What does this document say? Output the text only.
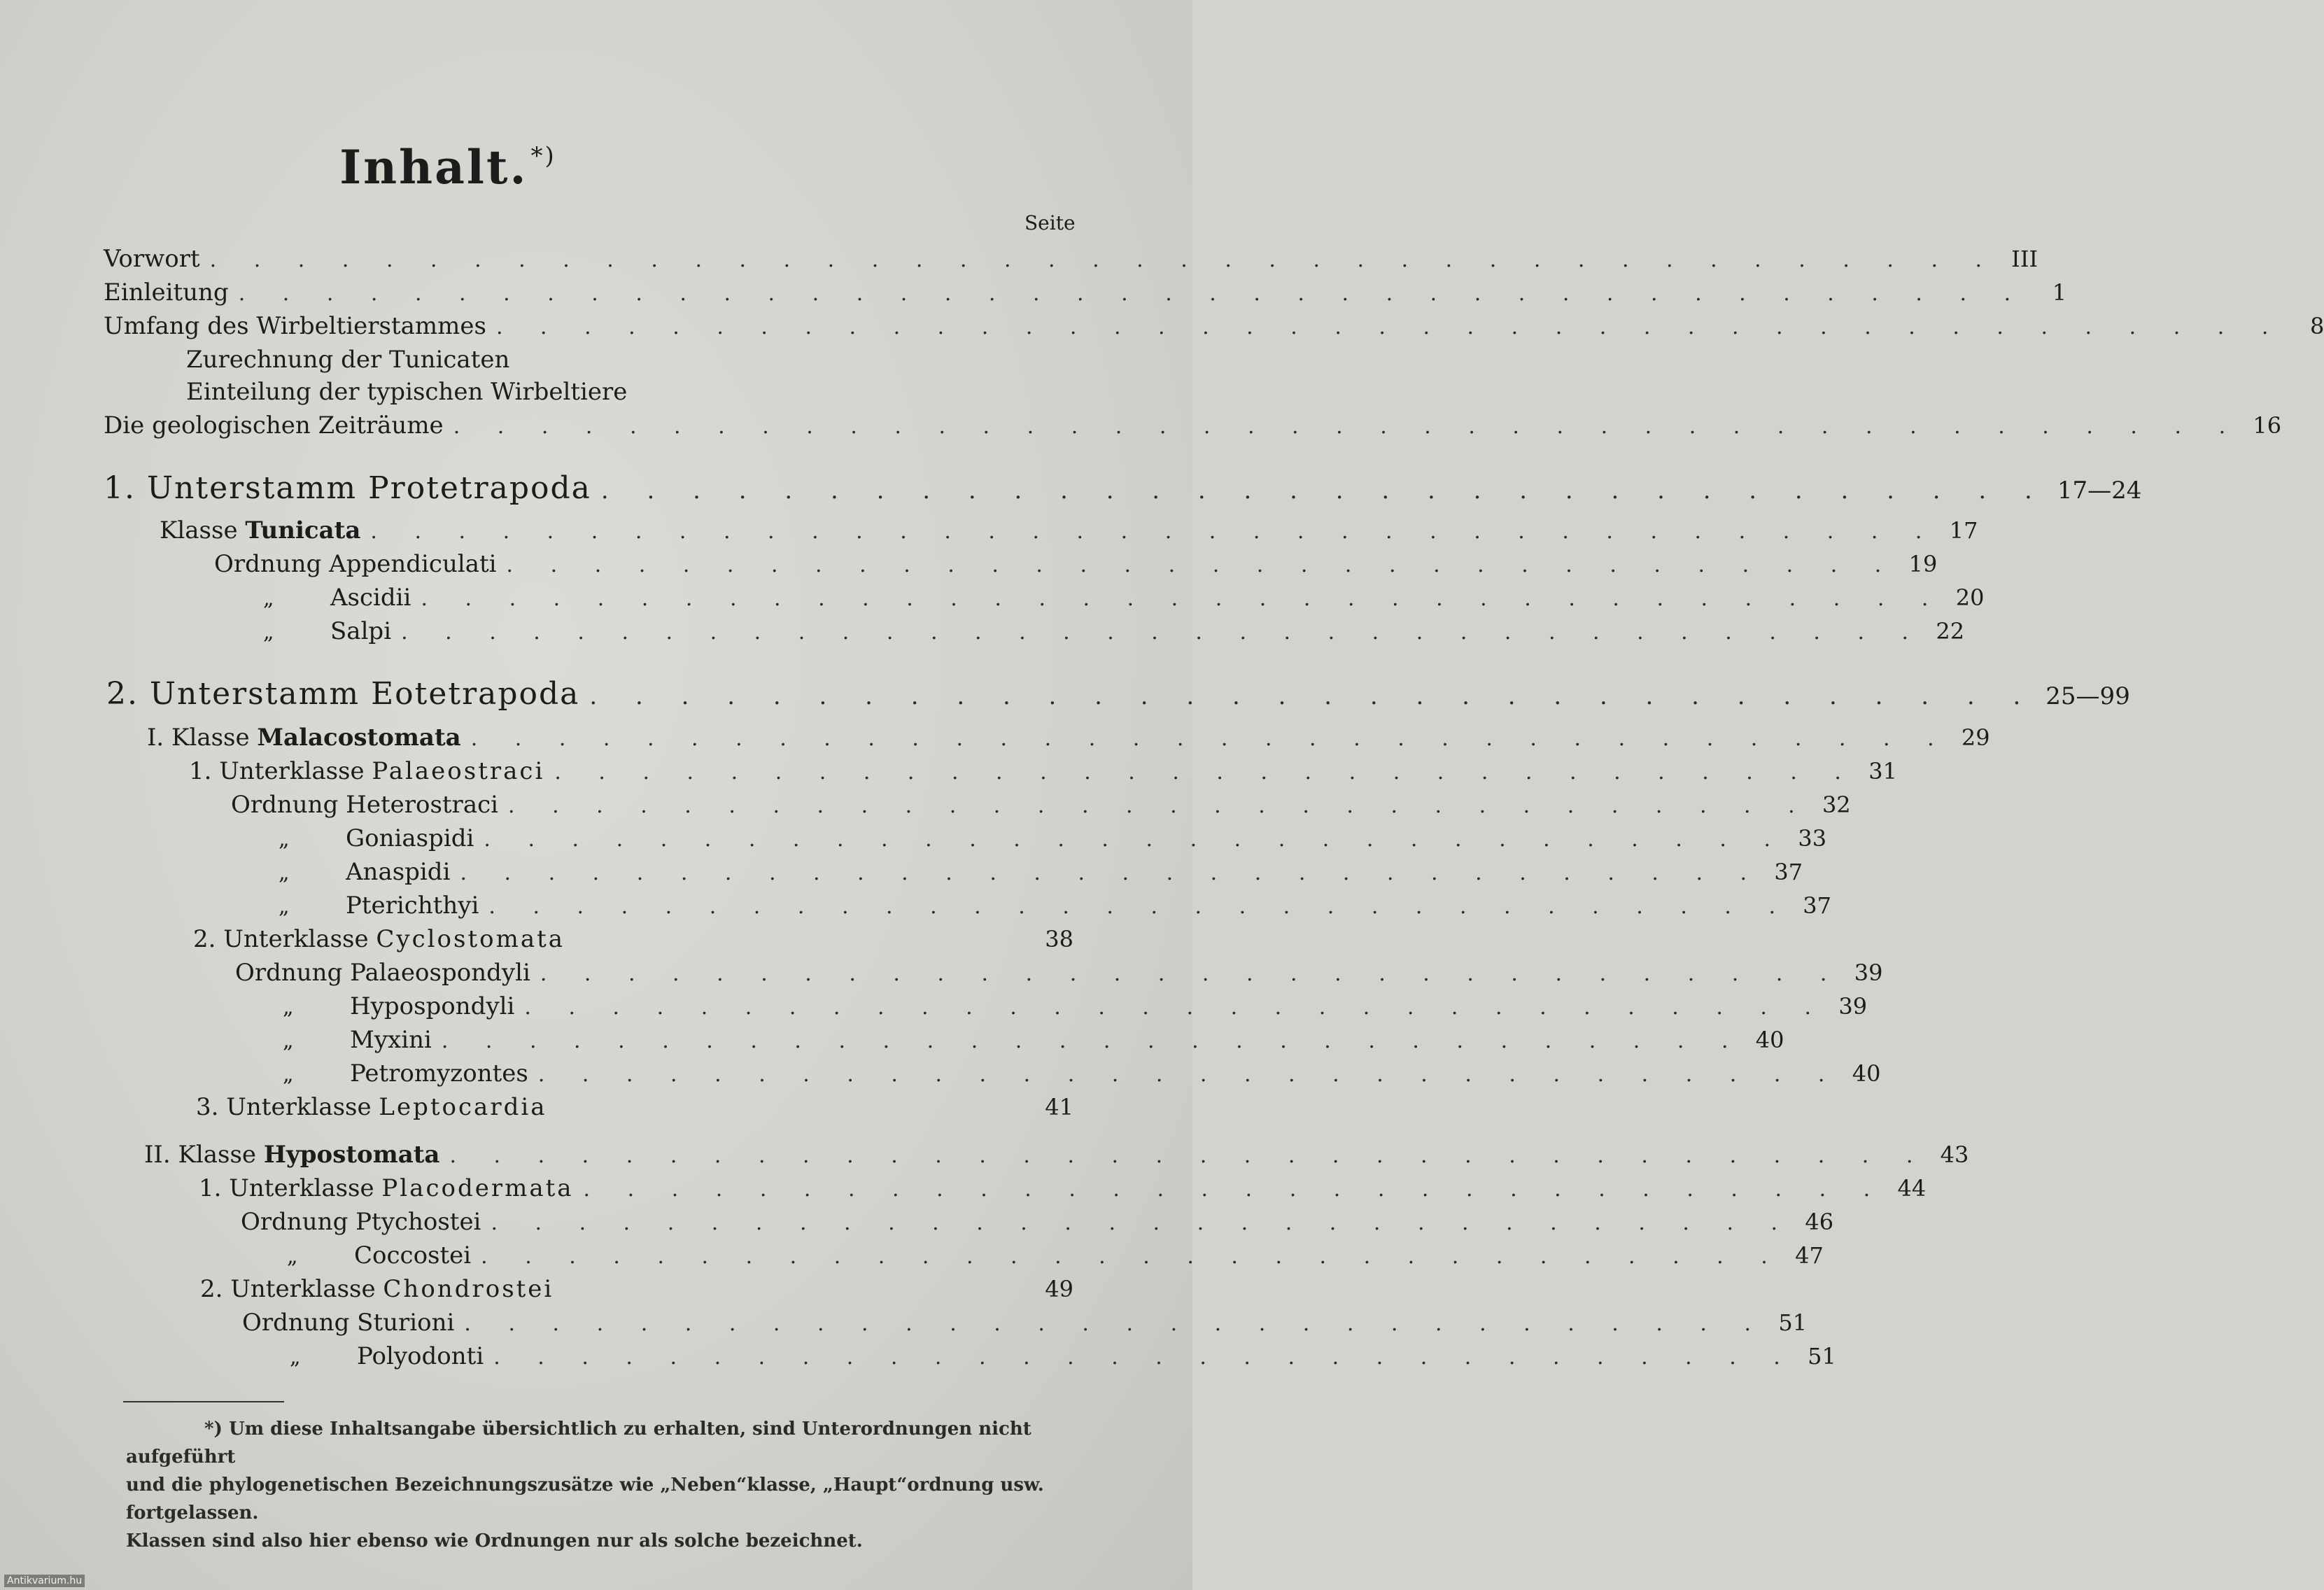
Inhalt. *)
Seite
Vorwort . . . . . . . . . . . . . . . . . . . . . . . . . . . . . . . . . . . . . . . . . III
Einleitung . . . . . . . . . . . . . . . . . . . . . . . . . . . . . . . . . . . . . . . . .	1
Umfang des Wirbeltierstammes . . . . . . . . . . . . . . . . . . . . . . . . . . . . . . . . . . . . . . . . .	8
Zurechnung der Tunicaten
Einteilung der typischen Wirbeltiere
Die geologischen Zeiträume . . . . . . . . . . . . . . . . . . . . . . . . . . . . . . . . . . . . . . . . . 16
1. Unterstamm Protetrapoda . . . . . . . . . . . . . . . . . . . . . . . . . . . . . . . . 17—24
Klasse Tunicata . . . . . . . . . . . . . . . . . . . . . . . . . . . . . . . . . . . . 17
Ordnung Appendiculati . . . . . . . . . . . . . . . . . . . . . . . . . . . . . . . . 19
„ Ascidii . . . . . . . . . . . . . . . . . . . . . . . . . . . . . . . . . . . 20
„ Salpi . . . . . . . . . . . . . . . . . . . . . . . . . . . . . . . . . . . 22
2. Unterstamm Eotetrapoda . . . . . . . . . . . . . . . . . . . . . . . . . . . . . . . . 25—99
I. Klasse Malacostomata . . . . . . . . . . . . . . . . . . . . . . . . . . . . . . . . . . 29
1. Unterklasse Palaeostraci . . . . . . . . . . . . . . . . . . . . . . . . . . . . . . 31
Ordnung Heterostraci . . . . . . . . . . . . . . . . . . . . . . . . . . . . . . 32
„ Goniaspidi . . . . . . . . . . . . . . . . . . . . . . . . . . . . . . 33
„ Anaspidi . . . . . . . . . . . . . . . . . . . . . . . . . . . . . . 37
„ Pterichthyi . . . . . . . . . . . . . . . . . . . . . . . . . . . . . . 37
2. Unterklasse Cyclostomata	38
Ordnung Palaeospondyli . . . . . . . . . . . . . . . . . . . . . . . . . . . . . . 39
„ Hypospondyli . . . . . . . . . . . . . . . . . . . . . . . . . . . . . . 39
„ Myxini . . . . . . . . . . . . . . . . . . . . . . . . . . . . . . 40
„ Petromyzontes . . . . . . . . . . . . . . . . . . . . . . . . . . . . . . 40
3. Unterklasse Leptocardia	41
II. Klasse Hypostomata . . . . . . . . . . . . . . . . . . . . . . . . . . . . . . . . . . 43
1. Unterklasse Placodermata . . . . . . . . . . . . . . . . . . . . . . . . . . . . . . 44
Ordnung Ptychostei . . . . . . . . . . . . . . . . . . . . . . . . . . . . . . 46
„ Coccostei . . . . . . . . . . . . . . . . . . . . . . . . . . . . . . 47
2. Unterklasse Chondrostei	49
Ordnung Sturioni . . . . . . . . . . . . . . . . . . . . . . . . . . . . . . 51
„ Polyodonti . . . . . . . . . . . . . . . . . . . . . . . . . . . . . . 51
*) Um diese Inhaltsangabe übersichtlich zu erhalten, sind Unterordnungen nicht aufgeführt
und die phylogenetischen Bezeichnungszusätze wie „Neben“klasse, „Haupt“ordnung usw. fortgelassen.
Klassen sind also hier ebenso wie Ordnungen nur als solche bezeichnet.
Antikvarium.hu
